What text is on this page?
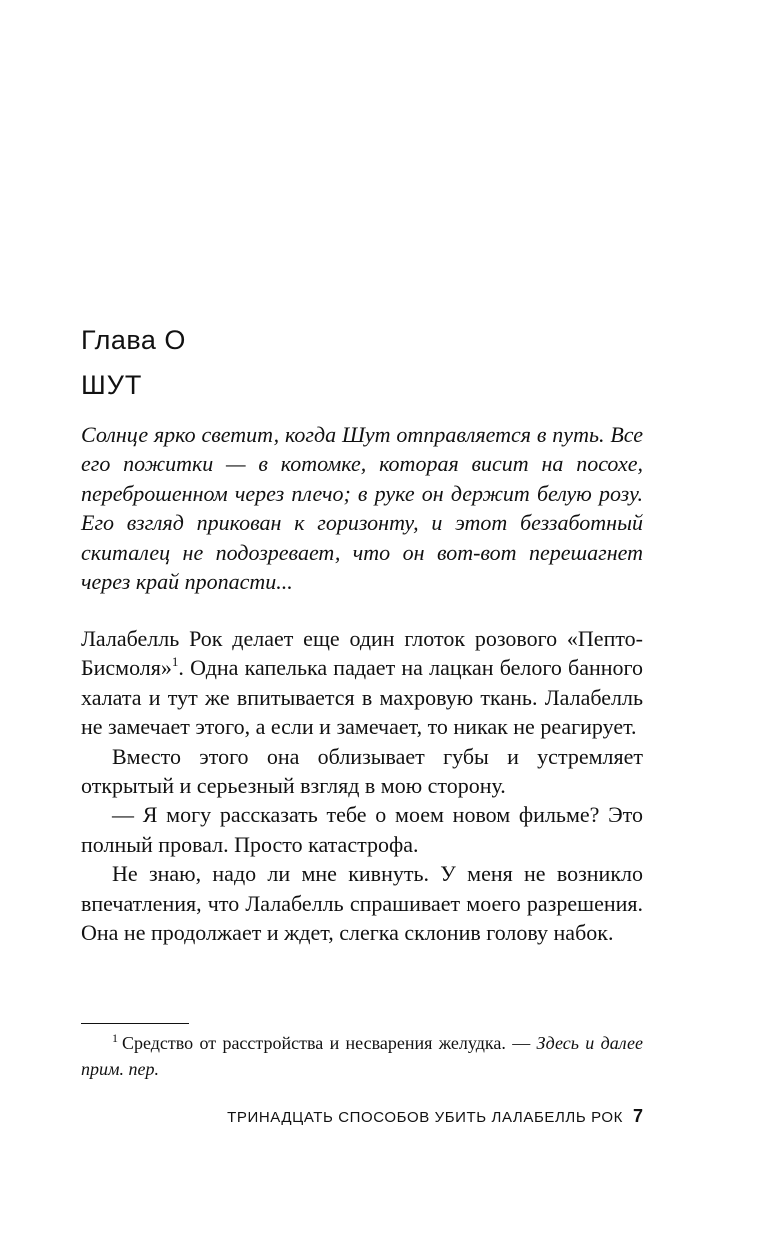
Глава О
ШУТ

Солнце ярко светит, когда Шут отправляется в путь. Все его пожитки — в котомке, которая висит на посохе, переброшенном через плечо; в руке он держит белую розу. Его взгляд прикован к горизонту, и этот беззаботный скиталец не подозревает, что он вот-вот перешагнет через край пропасти...

Лалабелль Рок делает еще один глоток розового «Пепто-Бисмоля»$^1$. Одна капелька падает на лацкан белого банного халата и тут же впитывается в махровую ткань. Лалабелль не замечает этого, а если и замечает, то никак не реагирует.

Вместо этого она облизывает губы и устремляет открытый и серьезный взгляд в мою сторону.

— Я могу рассказать тебе о моем новом фильме? Это полный провал. Просто катастрофа.

Не знаю, надо ли мне кивнуть. У меня не возникло впечатления, что Лалабелль спрашивает моего разрешения. Она не продолжает и ждет, слегка склонив голову набок.

$^1$ Средство от расстройства и несварения желудка. — Здесь и далее прим. пер.
ТРИНАДЦАТЬ СПОСОБОВ УБИТЬ ЛАЛАБЕЛЛЬ РОК 7
